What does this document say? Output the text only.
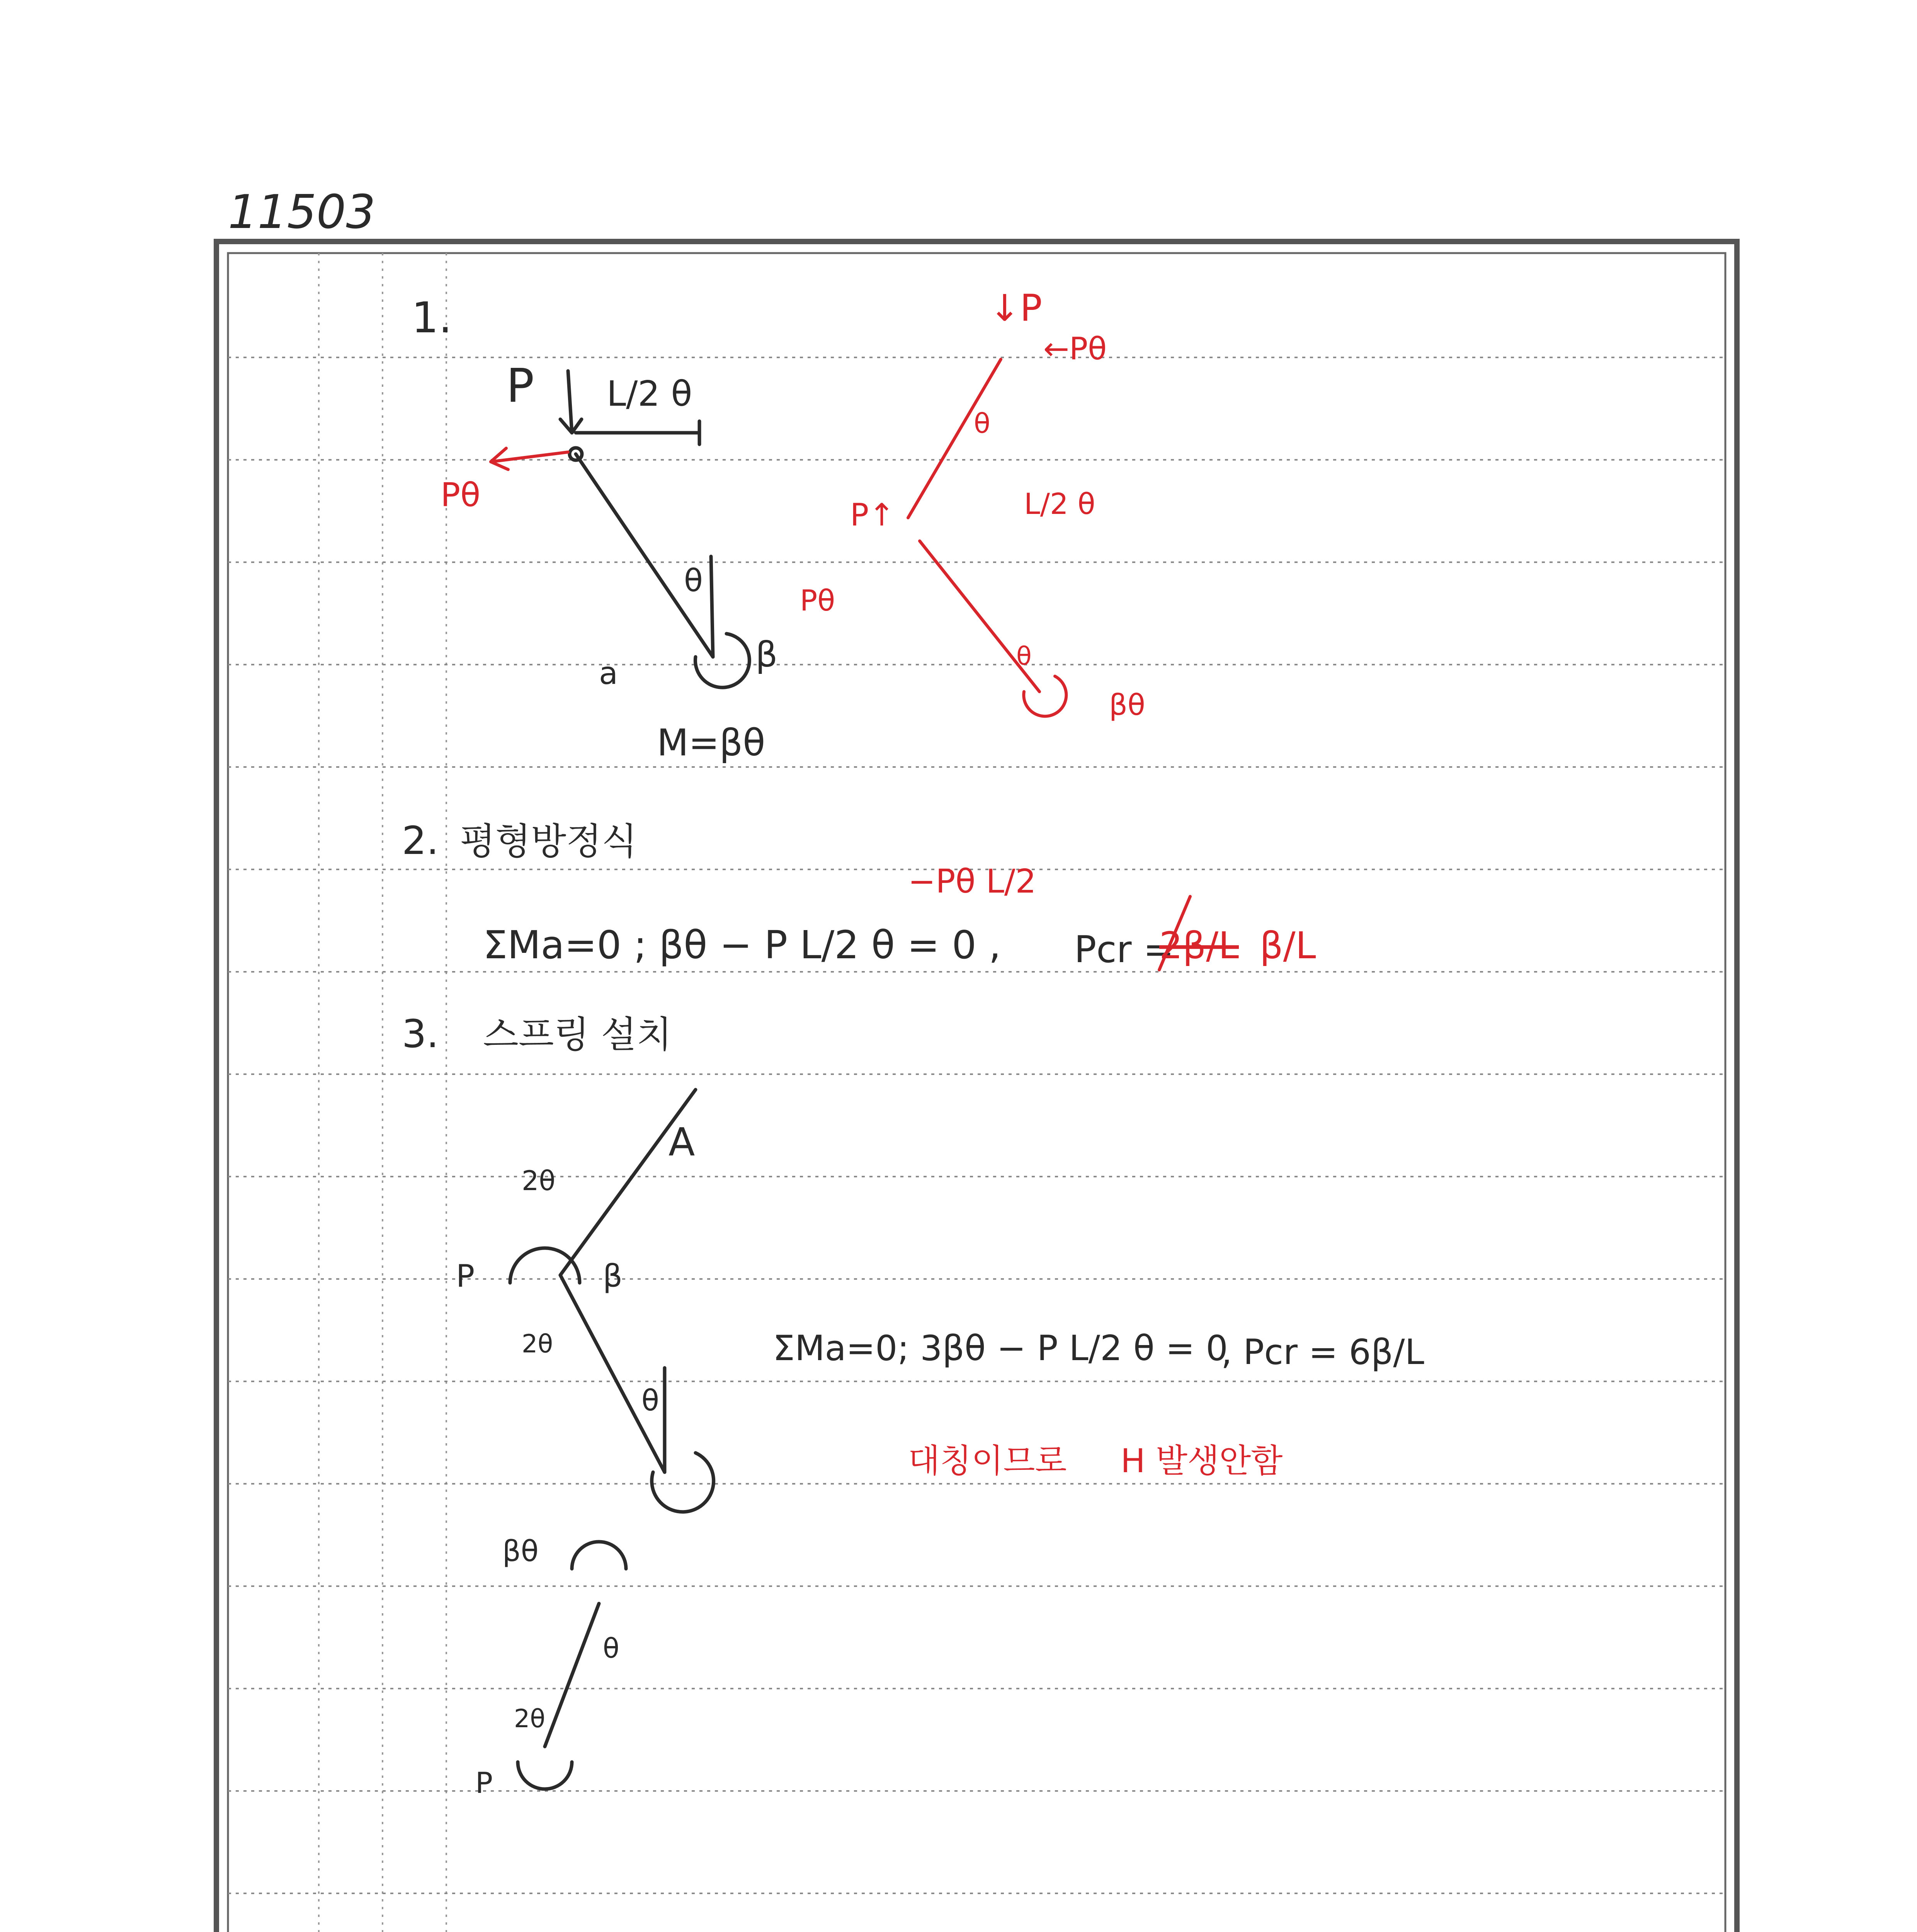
11503
1.
P L/2 θ
θ
a	β
M=βθ
Pθ
↓P
←Pθ
θ
P↑	L/2 θ
Pθ
θ
βθ
2. 평형방정식
−Pθ L/2
ΣMa=0 ; βθ − P L/2 θ = 0 , Pcr =
2β/L β/L
3. 스프링 설치
A
2θ
P	β
2θ
θ
ΣMa=0; 3βθ − P L/2 θ = 0
, Pcr = 6β/L
대칭이므로 H 발생안함
βθ
θ
2θ
P
